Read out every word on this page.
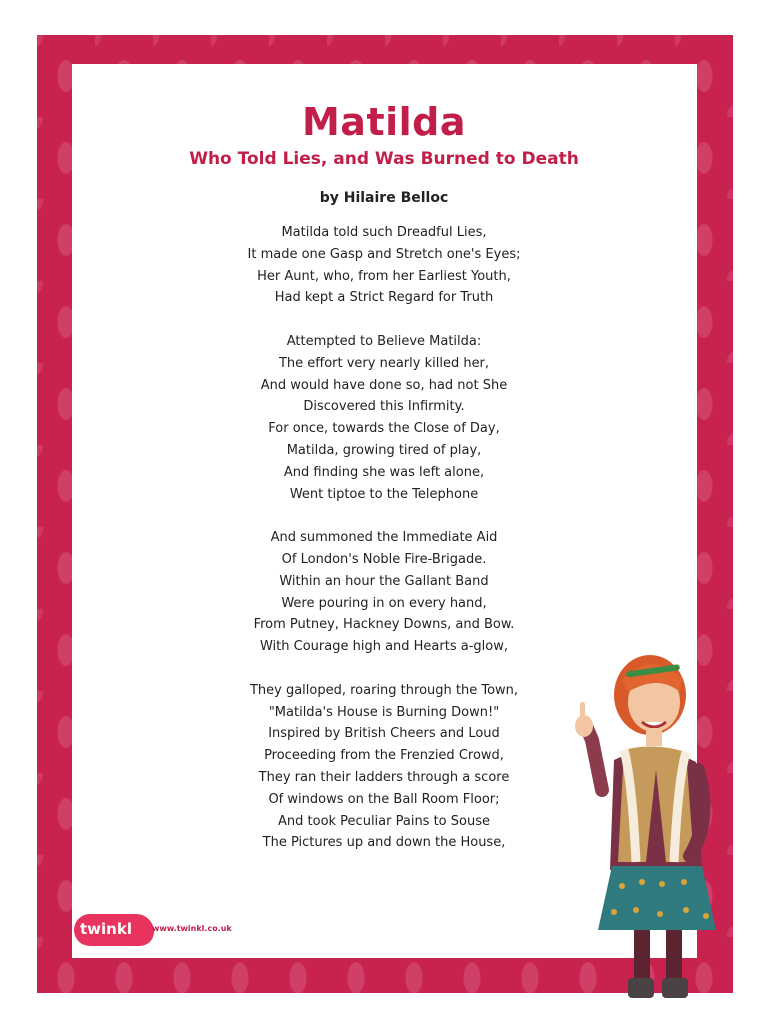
Matilda
Who Told Lies, and Was Burned to Death
by Hilaire Belloc
Matilda told such Dreadful Lies,
It made one Gasp and Stretch one's Eyes;
Her Aunt, who, from her Earliest Youth,
Had kept a Strict Regard for Truth
Attempted to Believe Matilda:
The effort very nearly killed her,
And would have done so, had not She
Discovered this Infirmity.
For once, towards the Close of Day,
Matilda, growing tired of play,
And finding she was left alone,
Went tiptoe to the Telephone
And summoned the Immediate Aid
Of London's Noble Fire-Brigade.
Within an hour the Gallant Band
Were pouring in on every hand,
From Putney, Hackney Downs, and Bow.
With Courage high and Hearts a-glow,
They galloped, roaring through the Town,
"Matilda's House is Burning Down!"
Inspired by British Cheers and Loud
Proceeding from the Frenzied Crowd,
They ran their ladders through a score
Of windows on the Ball Room Floor;
And took Peculiar Pains to Souse
The Pictures up and down the House,
twinkl	www.twinkl.co.uk
